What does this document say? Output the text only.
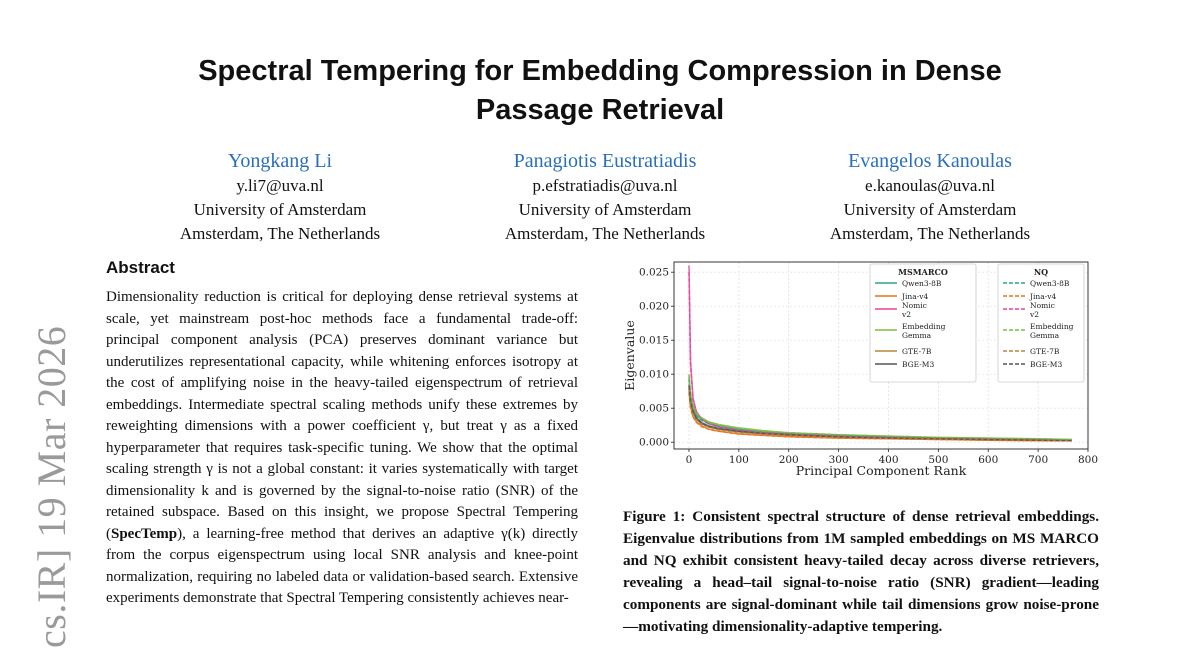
cs.IR] 19 Mar 2026
Spectral Tempering for Embedding Compression in Dense
Passage Retrieval
Yongkang Li
y.li7@uva.nl
University of Amsterdam
Amsterdam, The Netherlands
Panagiotis Eustratiadis
p.efstratiadis@uva.nl
University of Amsterdam
Amsterdam, The Netherlands
Evangelos Kanoulas
e.kanoulas@uva.nl
University of Amsterdam
Amsterdam, The Netherlands
Abstract
Dimensionality reduction is critical for deploying dense retrieval systems at scale, yet mainstream post-hoc methods face a fundamental trade-off: principal component analysis (PCA) preserves dominant variance but underutilizes representational capacity, while whitening enforces isotropy at the cost of amplifying noise in the heavy-tailed eigenspectrum of retrieval embeddings. Intermediate spectral scaling methods unify these extremes by reweighting dimensions with a power coefficient γ, but treat γ as a fixed hyperparameter that requires task-specific tuning. We show that the optimal scaling strength γ is not a global constant: it varies systematically with target dimensionality k and is governed by the signal-to-noise ratio (SNR) of the retained subspace. Based on this insight, we propose Spectral Tempering (SpecTemp), a learning-free method that derives an adaptive γ(k) directly from the corpus eigenspectrum using local SNR analysis and knee-point normalization, requiring no labeled data or validation-based search. Extensive experiments demonstrate that Spectral Tempering consistently achieves near-
0	100	200	300	400	500	600	700	800
0.000
0.005
0.010
0.015
0.020
0.025
Principal Component Rank
Eigenvalue
MSMARCO
Qwen3-8B
Jina-v4
Nomic
v2
Embedding
Gemma
GTE-7B
BGE-M3
NQ
Qwen3-8B
Jina-v4
Nomic
v2
Embedding
Gemma
GTE-7B
BGE-M3
Figure 1: Consistent spectral structure of dense retrieval embeddings. Eigenvalue distributions from 1M sampled embeddings on MS MARCO and NQ exhibit consistent heavy-tailed decay across diverse retrievers, revealing a head–tail signal-to-noise ratio (SNR) gradient—leading components are signal-dominant while tail dimensions grow noise-prone—motivating dimensionality-adaptive tempering.
